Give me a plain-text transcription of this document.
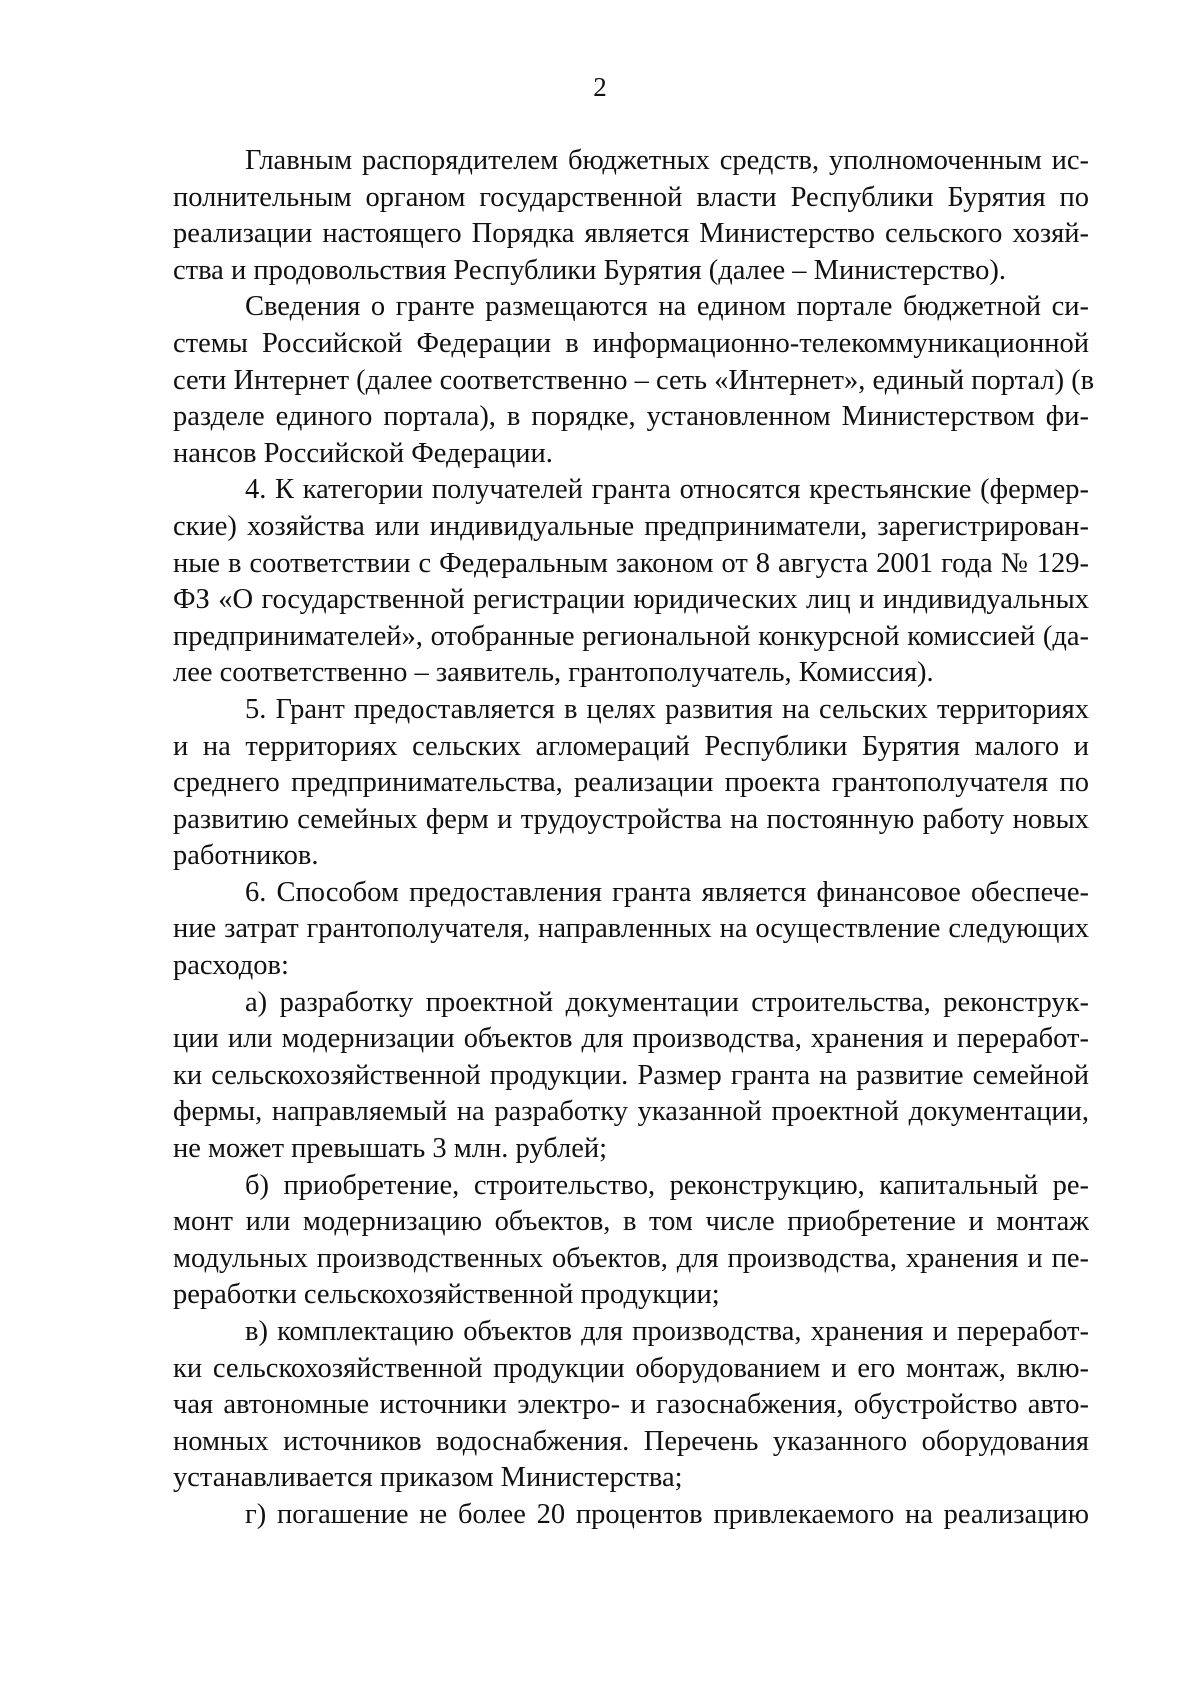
2
Главным распорядителем бюджетных средств, уполномоченным ис-
полнительным органом государственной власти Республики Бурятия по
реализации настоящего Порядка является Министерство сельского хозяй-
ства и продовольствия Республики Бурятия (далее – Министерство).
Сведения о гранте размещаются на едином портале бюджетной си-
стемы Российской Федерации в информационно-телекоммуникационной
сети Интернет (далее соответственно – сеть «Интернет», единый портал) (в
разделе единого портала), в порядке, установленном Министерством фи-
нансов Российской Федерации.
4. К категории получателей гранта относятся крестьянские (фермер-
ские) хозяйства или индивидуальные предприниматели, зарегистрирован-
ные в соответствии с Федеральным законом от 8 августа 2001 года № 129-
ФЗ «О государственной регистрации юридических лиц и индивидуальных
предпринимателей», отобранные региональной конкурсной комиссией (да-
лее соответственно – заявитель, грантополучатель, Комиссия).
5. Грант предоставляется в целях развития на сельских территориях
и на территориях сельских агломераций Республики Бурятия малого и
среднего предпринимательства, реализации проекта грантополучателя по
развитию семейных ферм и трудоустройства на постоянную работу новых
работников.
6. Способом предоставления гранта является финансовое обеспече-
ние затрат грантополучателя, направленных на осуществление следующих
расходов:
а) разработку проектной документации строительства, реконструк-
ции или модернизации объектов для производства, хранения и переработ-
ки сельскохозяйственной продукции. Размер гранта на развитие семейной
фермы, направляемый на разработку указанной проектной документации,
не может превышать 3 млн. рублей;
б) приобретение, строительство, реконструкцию, капитальный ре-
монт или модернизацию объектов, в том числе приобретение и монтаж
модульных производственных объектов, для производства, хранения и пе-
реработки сельскохозяйственной продукции;
в) комплектацию объектов для производства, хранения и переработ-
ки сельскохозяйственной продукции оборудованием и его монтаж, вклю-
чая автономные источники электро- и газоснабжения, обустройство авто-
номных источников водоснабжения. Перечень указанного оборудования
устанавливается приказом Министерства;
г) погашение не более 20 процентов привлекаемого на реализацию
